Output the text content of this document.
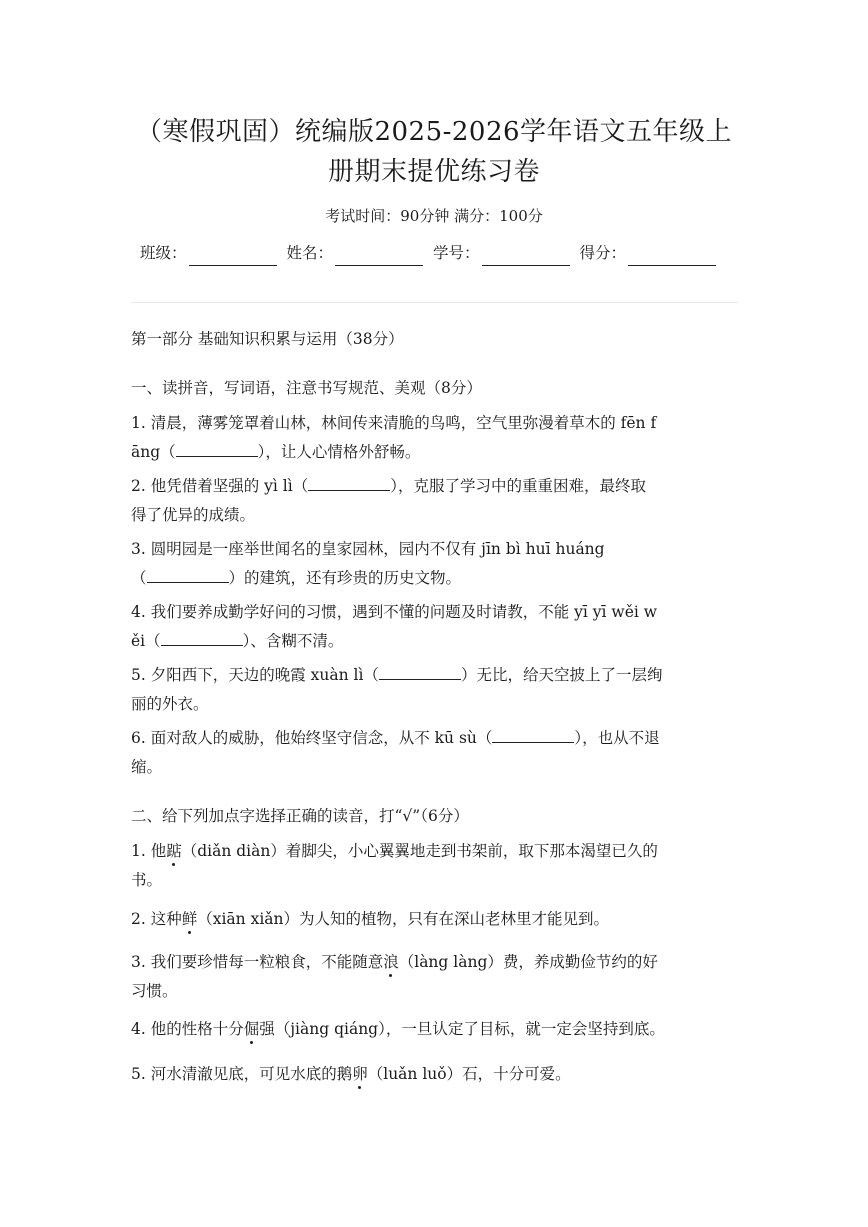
（寒假巩固）统编版2025-2026学年语文五年级上
册期末提优练习卷
考试时间：90分钟 满分：100分
班级：	姓名：	学号：	得分：
第一部分 基础知识积累与运用（38分）
一、读拼音，写词语，注意书写规范、美观（8分）
1. 清晨，薄雾笼罩着山林，林间传来清脆的鸟鸣，空气里弥漫着草木的 fēn f
āng（	），让人心情格外舒畅。
2. 他凭借着坚强的 yì lì（	），克服了学习中的重重困难，最终取
得了优异的成绩。
3. 圆明园是一座举世闻名的皇家园林，园内不仅有 jīn bì huī huáng
（	）的建筑，还有珍贵的历史文物。
4. 我们要养成勤学好问的习惯，遇到不懂的问题及时请教，不能 yī yī wěi w
ěi（	）、含糊不清。
5. 夕阳西下，天边的晚霞 xuàn lì（	）无比，给天空披上了一层绚
丽的外衣。
6. 面对敌人的威胁，他始终坚守信念，从不 kū sù（	），也从不退
缩。
二、给下列加点字选择正确的读音，打“√”（6分）
1. 他踮（diǎn diàn）着脚尖，小心翼翼地走到书架前，取下那本渴望已久的
书。
2. 这种鲜（xiān xiǎn）为人知的植物，只有在深山老林里才能见到。
3. 我们要珍惜每一粒粮食，不能随意浪（làng làng）费，养成勤俭节约的好
习惯。
4. 他的性格十分倔强（jiàng qiáng），一旦认定了目标，就一定会坚持到底。
5. 河水清澈见底，可见水底的鹅卵（luǎn luǒ）石，十分可爱。
